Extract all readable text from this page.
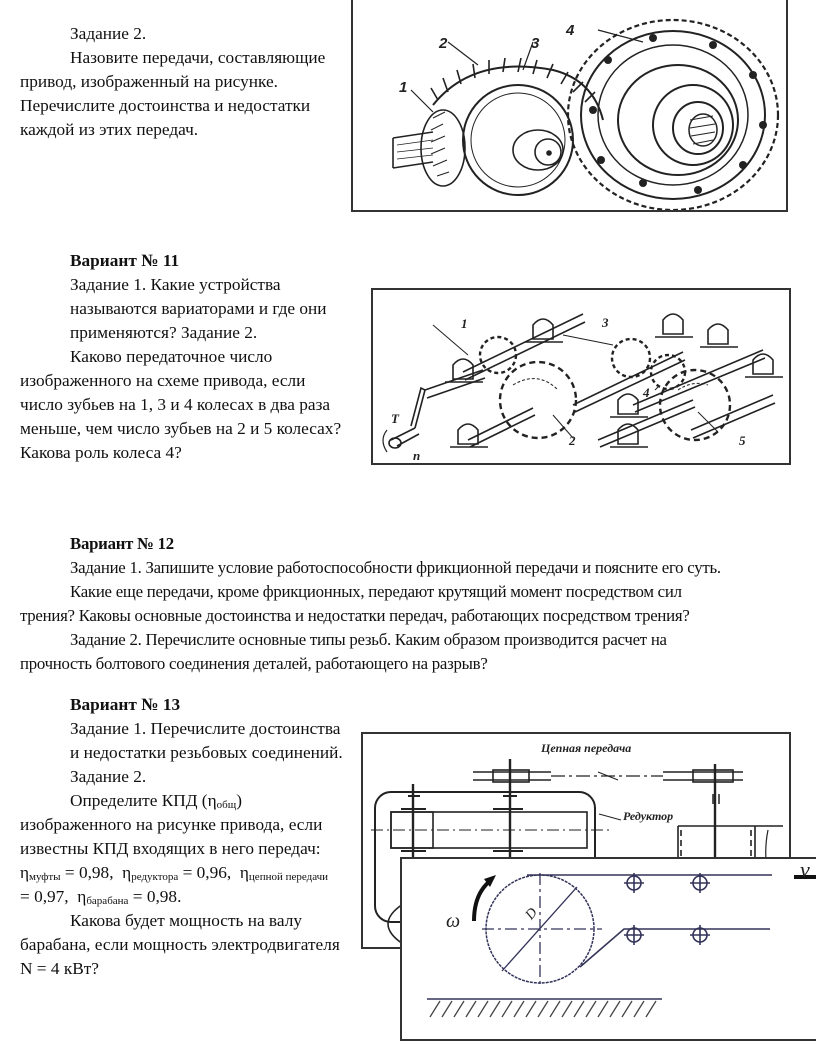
Задание 2.
Назовите передачи, составляющие
привод, изображенный на рисунке.
Перечислите достоинства и недостатки
каждой из этих передач.
1
2	3
4
Вариант № 11
Задание 1. Какие устройства
называются вариаторами и где они
применяются? Задание 2.
Каково передаточное число
изображенного на схеме привода, если
число зубьев на 1, 3 и 4 колесах в два раза
меньше, чем число зубьев на 2 и 5 колесах?
Какова роль колеса 4?
1
2
3
4
5
T
n
Вариант № 12
Задание 1. Запишите условие работоспособности фрикционной передачи и поясните его суть.
Какие еще передачи, кроме фрикционных, передают крутящий момент посредством сил
трения? Каковы основные достоинства и недостатки передач, работающих посредством трения?
Задание 2. Перечислите основные типы резьб. Каким образом производится расчет на
прочность болтового соединения деталей, работающего на разрыв?
Вариант № 13
Задание 1. Перечислите достоинства
и недостатки резьбовых соединений.
Задание 2.
Определите КПД (ηобщ)
изображенного на рисунке привода, если
известны КПД входящих в него передач:
ηмуфты = 0,98,  ηредуктора = 0,96,  ηцепной передачи
= 0,97,  ηбарабана = 0,98.
Какова будет мощность на валу
барабана, если мощность электродвигателя
N = 4 кВт?
Цепная передача
Редуктор
ω	D
v
